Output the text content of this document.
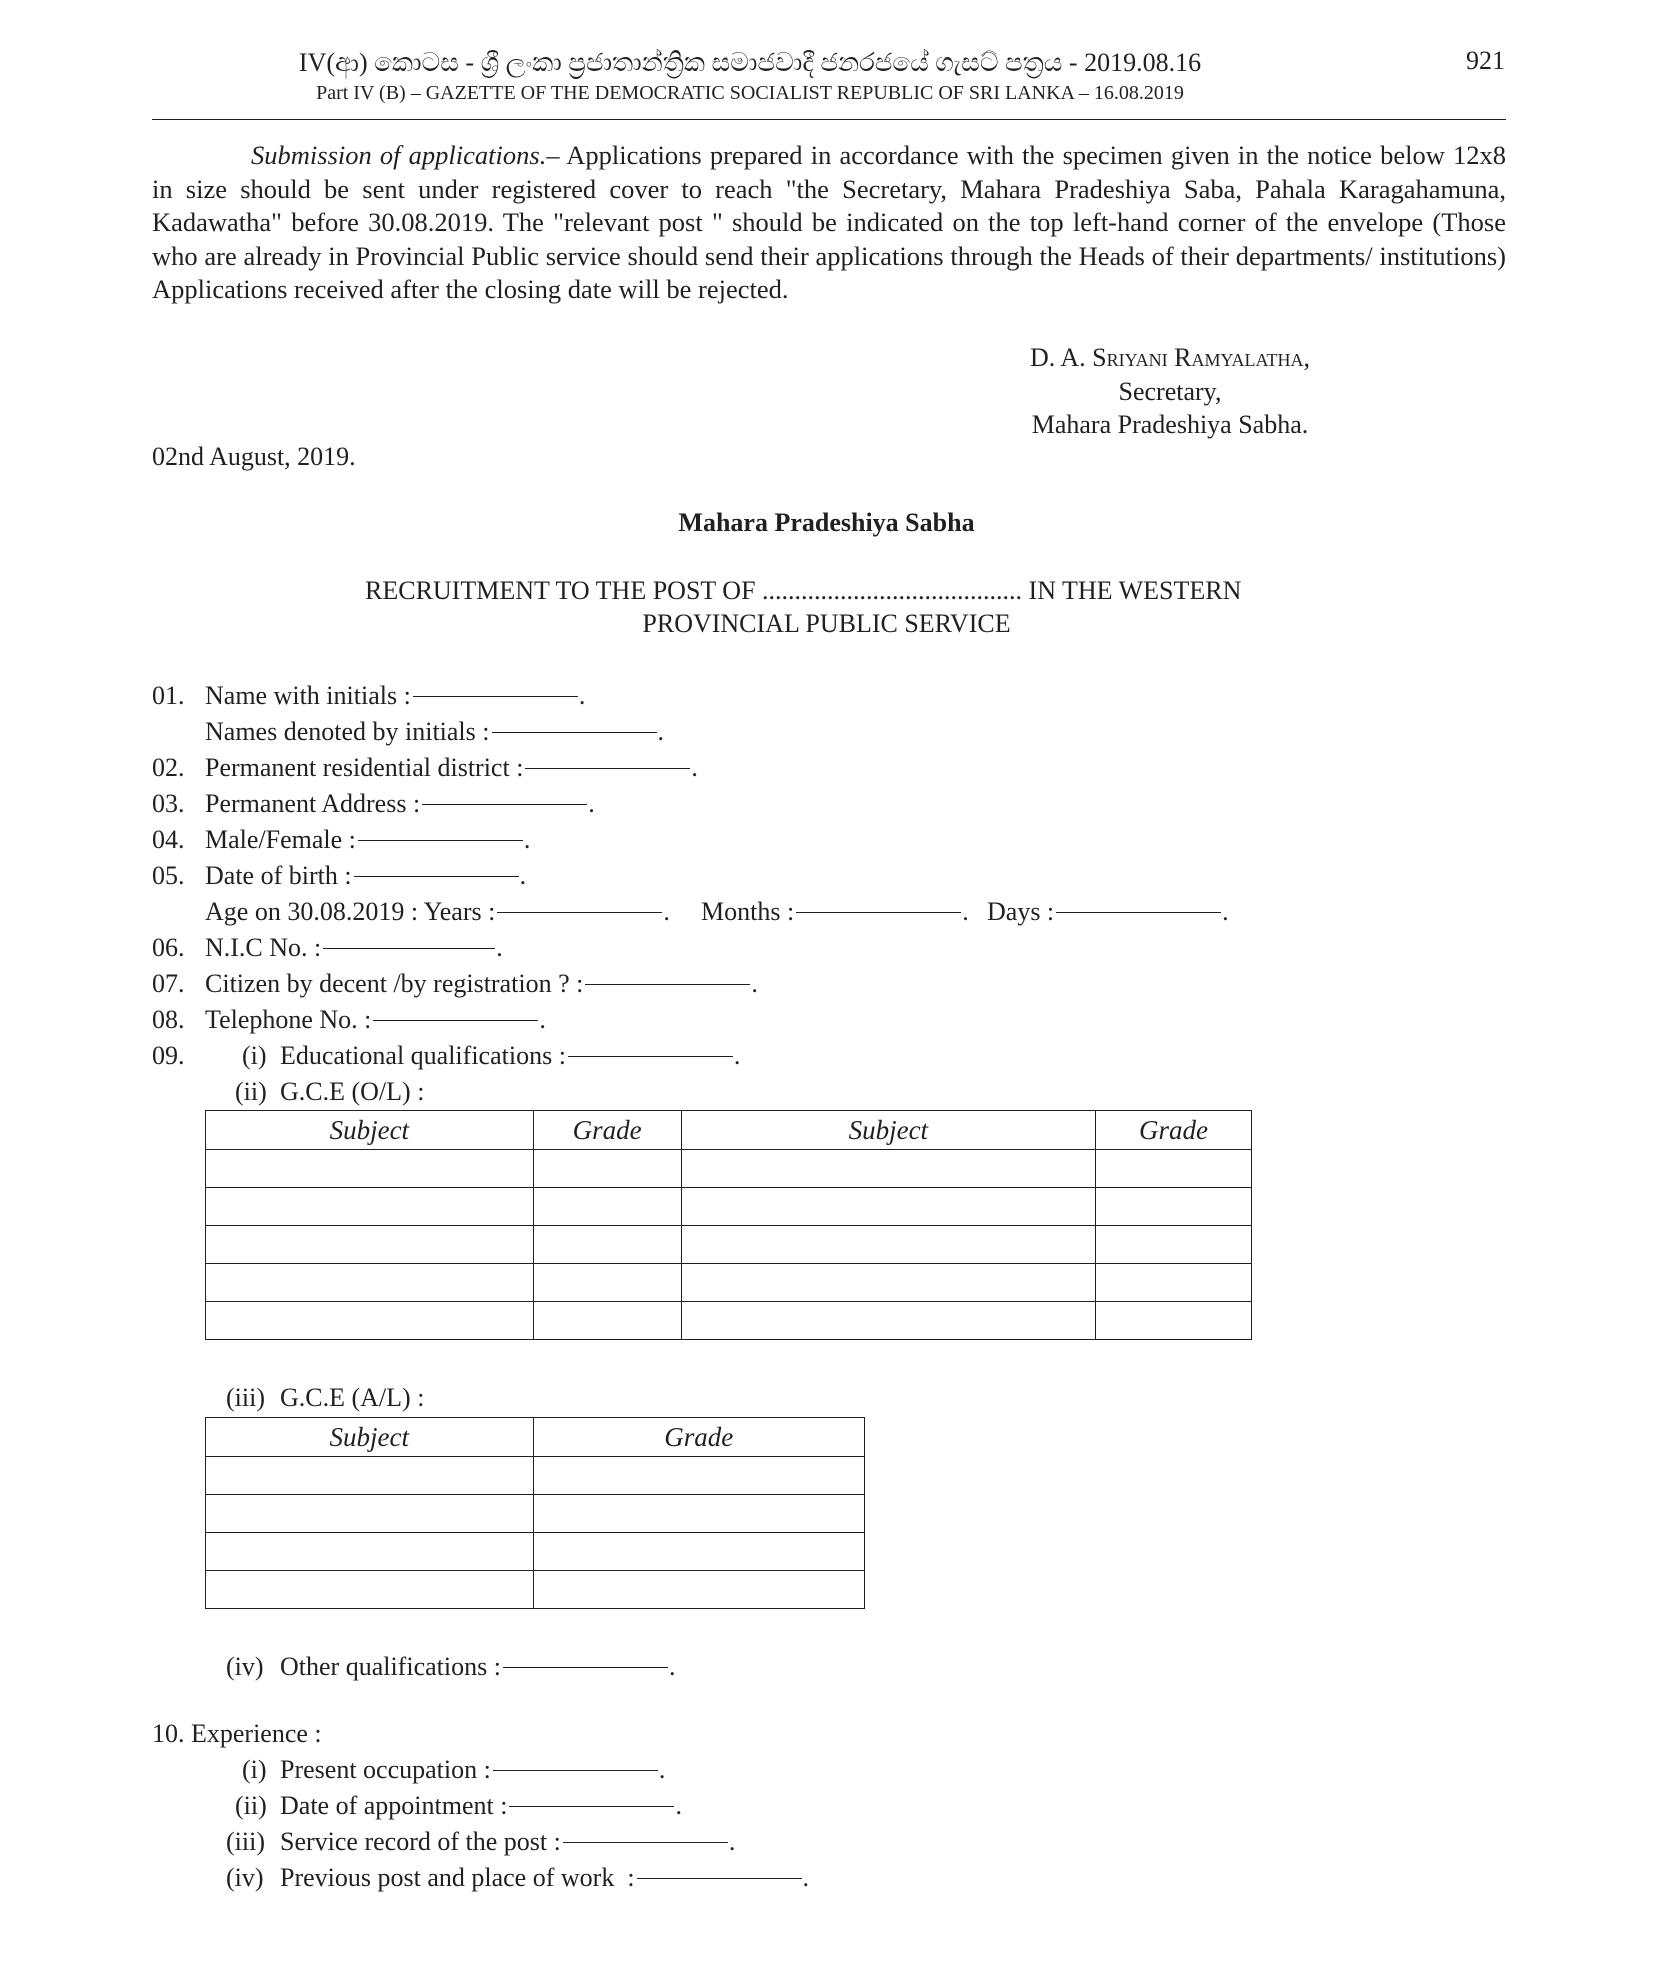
IV(ආ) කොටස - ශ්‍රී ලංකා ප්‍රජාතාන්ත්‍රික සමාජවාදී ජනරජයේ ගැසට් පත්‍රය - 2019.08.16
Part IV (B) – GAZETTE OF THE DEMOCRATIC SOCIALIST REPUBLIC OF SRI LANKA – 16.08.2019
921

Submission of applications.– Applications prepared in accordance with the specimen given in the notice below 12x8 in size should be sent under registered cover to reach "the Secretary, Mahara Pradeshiya Saba, Pahala Karagahamuna, Kadawatha" before 30.08.2019. The "relevant post " should be indicated on the top left-hand corner of the envelope (Those who are already in Provincial Public service should send their applications through the Heads of their departments/ institutions) Applications received after the closing date will be rejected.

D. A. Sriyani Ramyalatha,
Secretary,
Mahara Pradeshiya Sabha.
02nd August, 2019.
Mahara Pradeshiya Sabha
RECRUITMENT TO THE POST OF ........................................ IN THE WESTERN
PROVINCIAL PUBLIC SERVICE
01. Name with initials :	.
Names denoted by initials :	.
02. Permanent residential district :	.
03. Permanent Address :	.
04. Male/Female :	.
05. Date of birth :	.
Age on 30.08.2019 : Years :	. Months :	. Days :	.
06. N.I.C No. :	.
07. Citizen by decent /by registration ? :	.
08. Telephone No. :	.
09. (i) Educational qualifications :	.
(ii) G.C.E (O/L) :
Subject	Grade	Subject	Grade

(iii) G.C.E (A/L) :
Subject	Grade

(iv) Other qualifications :	.
10. Experience :
(i) Present occupation :	.
(ii) Date of appointment :	.
(iii) Service record of the post :	.
(iv) Previous post and place of work  :	.
